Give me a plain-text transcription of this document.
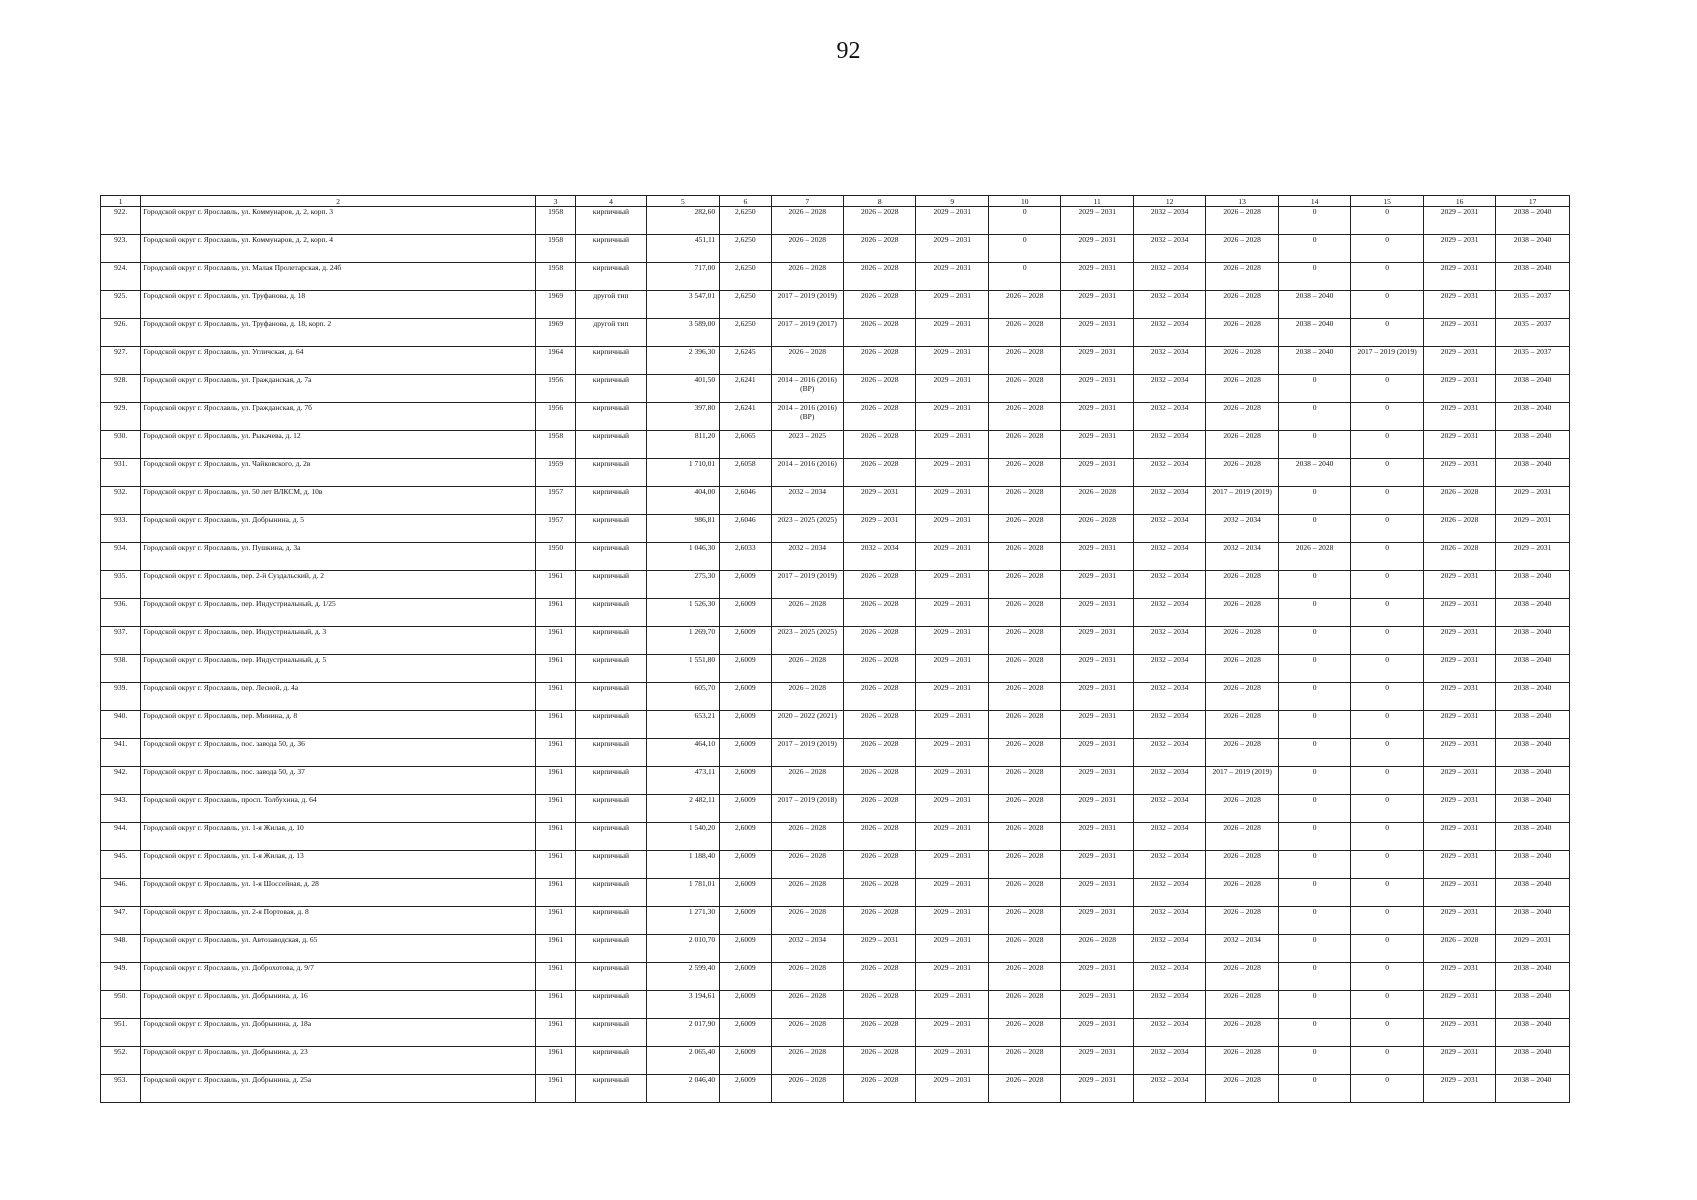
92
1	2	3	4	5	6	7	8	9	10	11	12	13	14	15	16	17
922.	Городской округ г. Ярославль, ул. Коммунаров, д. 2, корп. 3	1958	кирпичный	282,60	2,6250	2026 – 2028	2026 – 2028	2029 – 2031	0	2029 – 2031	2032 – 2034	2026 – 2028	0	0	2029 – 2031	2038 – 2040
923.	Городской округ г. Ярославль, ул. Коммунаров, д. 2, корп. 4	1958	кирпичный	451,11	2,6250	2026 – 2028	2026 – 2028	2029 – 2031	0	2029 – 2031	2032 – 2034	2026 – 2028	0	0	2029 – 2031	2038 – 2040
924.	Городской округ г. Ярославль, ул. Малая Пролетарская, д. 24б	1958	кирпичный	717,00	2,6250	2026 – 2028	2026 – 2028	2029 – 2031	0	2029 – 2031	2032 – 2034	2026 – 2028	0	0	2029 – 2031	2038 – 2040
925.	Городской округ г. Ярославль, ул. Труфанова, д. 18	1969	другой тип	3 547,01	2,6250	2017 – 2019 (2019)	2026 – 2028	2029 – 2031	2026 – 2028	2029 – 2031	2032 – 2034	2026 – 2028	2038 – 2040	0	2029 – 2031	2035 – 2037
926.	Городской округ г. Ярославль, ул. Труфанова, д. 18, корп. 2	1969	другой тип	3 589,00	2,6250	2017 – 2019 (2017)	2026 – 2028	2029 – 2031	2026 – 2028	2029 – 2031	2032 – 2034	2026 – 2028	2038 – 2040	0	2029 – 2031	2035 – 2037
927.	Городской округ г. Ярославль, ул. Угличская, д. 64	1964	кирпичный	2 396,30	2,6245	2026 – 2028	2026 – 2028	2029 – 2031	2026 – 2028	2029 – 2031	2032 – 2034	2026 – 2028	2038 – 2040	2017 – 2019 (2019)	2029 – 2031	2035 – 2037
928.	Городской округ г. Ярославль, ул. Гражданская, д. 7а	1956	кирпичный	401,50	2,6241	2014 – 2016 (2016) (ВР)	2026 – 2028	2029 – 2031	2026 – 2028	2029 – 2031	2032 – 2034	2026 – 2028	0	0	2029 – 2031	2038 – 2040
929.	Городской округ г. Ярославль, ул. Гражданская, д. 7б	1956	кирпичный	397,80	2,6241	2014 – 2016 (2016) (ВР)	2026 – 2028	2029 – 2031	2026 – 2028	2029 – 2031	2032 – 2034	2026 – 2028	0	0	2029 – 2031	2038 – 2040
930.	Городской округ г. Ярославль, ул. Рыкачева, д. 12	1958	кирпичный	811,20	2,6065	2023 – 2025	2026 – 2028	2029 – 2031	2026 – 2028	2029 – 2031	2032 – 2034	2026 – 2028	0	0	2029 – 2031	2038 – 2040
931.	Городской округ г. Ярославль, ул. Чайковского, д. 2в	1959	кирпичный	1 710,01	2,6058	2014 – 2016 (2016)	2026 – 2028	2029 – 2031	2026 – 2028	2029 – 2031	2032 – 2034	2026 – 2028	2038 – 2040	0	2029 – 2031	2038 – 2040
932.	Городской округ г. Ярославль, ул. 50 лет ВЛКСМ, д. 10в	1957	кирпичный	404,00	2,6046	2032 – 2034	2029 – 2031	2029 – 2031	2026 – 2028	2026 – 2028	2032 – 2034	2017 – 2019 (2019)	0	0	2026 – 2028	2029 – 2031
933.	Городской округ г. Ярославль, ул. Добрынина, д. 5	1957	кирпичный	986,81	2,6046	2023 – 2025 (2025)	2029 – 2031	2029 – 2031	2026 – 2028	2026 – 2028	2032 – 2034	2032 – 2034	0	0	2026 – 2028	2029 – 2031
934.	Городской округ г. Ярославль, ул. Пушкина, д. 3а	1950	кирпичный	1 046,30	2,6033	2032 – 2034	2032 – 2034	2029 – 2031	2026 – 2028	2029 – 2031	2032 – 2034	2032 – 2034	2026 – 2028	0	2026 – 2028	2029 – 2031
935.	Городской округ г. Ярославль, пер. 2-й Суздальский, д. 2	1961	кирпичный	275,30	2,6009	2017 – 2019 (2019)	2026 – 2028	2029 – 2031	2026 – 2028	2029 – 2031	2032 – 2034	2026 – 2028	0	0	2029 – 2031	2038 – 2040
936.	Городской округ г. Ярославль, пер. Индустриальный, д. 1/25	1961	кирпичный	1 526,30	2,6009	2026 – 2028	2026 – 2028	2029 – 2031	2026 – 2028	2029 – 2031	2032 – 2034	2026 – 2028	0	0	2029 – 2031	2038 – 2040
937.	Городской округ г. Ярославль, пер. Индустриальный, д. 3	1961	кирпичный	1 269,70	2,6009	2023 – 2025 (2025)	2026 – 2028	2029 – 2031	2026 – 2028	2029 – 2031	2032 – 2034	2026 – 2028	0	0	2029 – 2031	2038 – 2040
938.	Городской округ г. Ярославль, пер. Индустриальный, д. 5	1961	кирпичный	1 551,80	2,6009	2026 – 2028	2026 – 2028	2029 – 2031	2026 – 2028	2029 – 2031	2032 – 2034	2026 – 2028	0	0	2029 – 2031	2038 – 2040
939.	Городской округ г. Ярославль, пер. Лесной, д. 4а	1961	кирпичный	605,70	2,6009	2026 – 2028	2026 – 2028	2029 – 2031	2026 – 2028	2029 – 2031	2032 – 2034	2026 – 2028	0	0	2029 – 2031	2038 – 2040
940.	Городской округ г. Ярославль, пер. Минина, д. 8	1961	кирпичный	653,21	2,6009	2020 – 2022 (2021)	2026 – 2028	2029 – 2031	2026 – 2028	2029 – 2031	2032 – 2034	2026 – 2028	0	0	2029 – 2031	2038 – 2040
941.	Городской округ г. Ярославль, пос. завода 50, д. 36	1961	кирпичный	464,10	2,6009	2017 – 2019 (2019)	2026 – 2028	2029 – 2031	2026 – 2028	2029 – 2031	2032 – 2034	2026 – 2028	0	0	2029 – 2031	2038 – 2040
942.	Городской округ г. Ярославль, пос. завода 50, д. 37	1961	кирпичный	473,11	2,6009	2026 – 2028	2026 – 2028	2029 – 2031	2026 – 2028	2029 – 2031	2032 – 2034	2017 – 2019 (2019)	0	0	2029 – 2031	2038 – 2040
943.	Городской округ г. Ярославль, просп. Толбухина, д. 64	1961	кирпичный	2 482,11	2,6009	2017 – 2019 (2018)	2026 – 2028	2029 – 2031	2026 – 2028	2029 – 2031	2032 – 2034	2026 – 2028	0	0	2029 – 2031	2038 – 2040
944.	Городской округ г. Ярославль, ул. 1-я Жилая, д. 10	1961	кирпичный	1 540,20	2,6009	2026 – 2028	2026 – 2028	2029 – 2031	2026 – 2028	2029 – 2031	2032 – 2034	2026 – 2028	0	0	2029 – 2031	2038 – 2040
945.	Городской округ г. Ярославль, ул. 1-я Жилая, д. 13	1961	кирпичный	1 188,40	2,6009	2026 – 2028	2026 – 2028	2029 – 2031	2026 – 2028	2029 – 2031	2032 – 2034	2026 – 2028	0	0	2029 – 2031	2038 – 2040
946.	Городской округ г. Ярославль, ул. 1-я Шоссейная, д. 28	1961	кирпичный	1 781,01	2,6009	2026 – 2028	2026 – 2028	2029 – 2031	2026 – 2028	2029 – 2031	2032 – 2034	2026 – 2028	0	0	2029 – 2031	2038 – 2040
947.	Городской округ г. Ярославль, ул. 2-я Портовая, д. 8	1961	кирпичный	1 271,30	2,6009	2026 – 2028	2026 – 2028	2029 – 2031	2026 – 2028	2029 – 2031	2032 – 2034	2026 – 2028	0	0	2029 – 2031	2038 – 2040
948.	Городской округ г. Ярославль, ул. Автозаводская, д. 65	1961	кирпичный	2 010,70	2,6009	2032 – 2034	2029 – 2031	2029 – 2031	2026 – 2028	2026 – 2028	2032 – 2034	2032 – 2034	0	0	2026 – 2028	2029 – 2031
949.	Городской округ г. Ярославль, ул. Доброхотова, д. 9/7	1961	кирпичный	2 599,40	2,6009	2026 – 2028	2026 – 2028	2029 – 2031	2026 – 2028	2029 – 2031	2032 – 2034	2026 – 2028	0	0	2029 – 2031	2038 – 2040
950.	Городской округ г. Ярославль, ул. Добрынина, д. 16	1961	кирпичный	3 194,61	2,6009	2026 – 2028	2026 – 2028	2029 – 2031	2026 – 2028	2029 – 2031	2032 – 2034	2026 – 2028	0	0	2029 – 2031	2038 – 2040
951.	Городской округ г. Ярославль, ул. Добрынина, д. 18а	1961	кирпичный	2 017,90	2,6009	2026 – 2028	2026 – 2028	2029 – 2031	2026 – 2028	2029 – 2031	2032 – 2034	2026 – 2028	0	0	2029 – 2031	2038 – 2040
952.	Городской округ г. Ярославль, ул. Добрынина, д. 23	1961	кирпичный	2 065,40	2,6009	2026 – 2028	2026 – 2028	2029 – 2031	2026 – 2028	2029 – 2031	2032 – 2034	2026 – 2028	0	0	2029 – 2031	2038 – 2040
953.	Городской округ г. Ярославль, ул. Добрынина, д. 25а	1961	кирпичный	2 046,40	2,6009	2026 – 2028	2026 – 2028	2029 – 2031	2026 – 2028	2029 – 2031	2032 – 2034	2026 – 2028	0	0	2029 – 2031	2038 – 2040
